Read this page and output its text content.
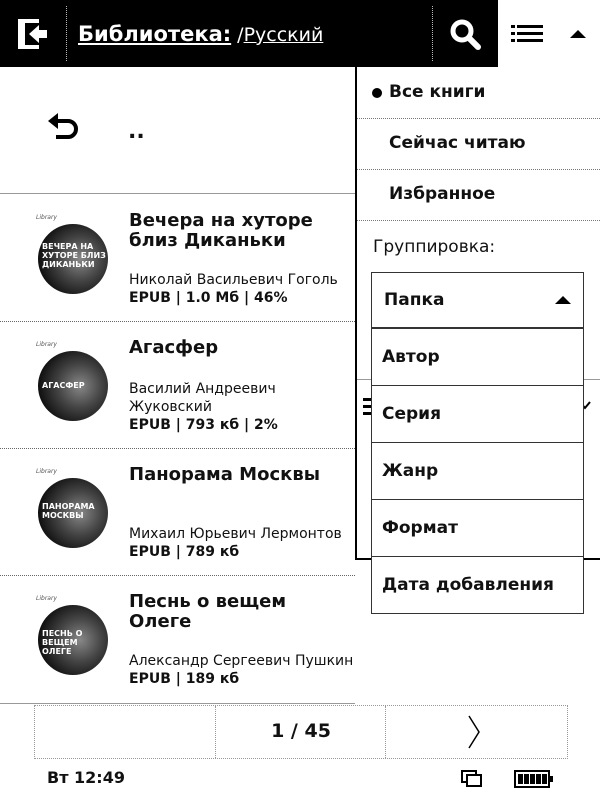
Библиотека: /Русский
..
Library
ВЕЧЕРА НА ХУТОРЕ БЛИЗ ДИКАНЬКИ
Вечера на хуторе близ Диканьки
Николай Васильевич Гоголь
EPUB | 1.0 Мб | 46%
Library
АГАСФЕР
Агасфер
Василий Андреевич Жуковский
EPUB | 793 кб | 2%
Library
ПАНОРАМА МОСКВЫ
Панорама Москвы
Михаил Юрьевич Лермонтов
EPUB | 789 кб
Library
ПЕСНЬ О ВЕЩЕМ ОЛЕГЕ
Песнь о вещем Олеге
Александр Сергеевич Пушкин
EPUB | 189 кб
Все книги
Сейчас читаю
Избранное
Группировка:
Папка
Автор
Серия
Жанр
Формат
Дата добавления
1 / 45
Вт 12:49
